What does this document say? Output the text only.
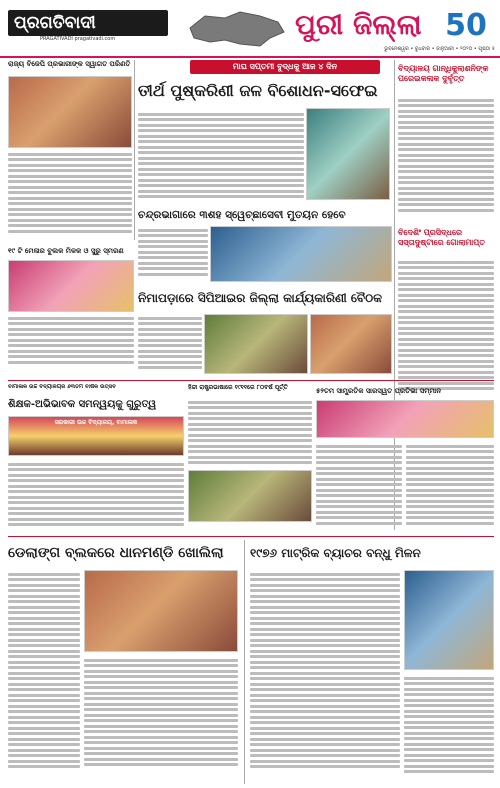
ପ୍ରଗତିବାଦୀ
PRAGATIVADI pragativadi.com	ପୁରୀ ଜିଲ୍ଲା 50
ଭୁବନେଶ୍ୱର • ବୁଧବାର • ଜାନୁଆରୀ • ୨୦୨୦ • ପୃଷ୍ଠା ୫
ରାଜ୍ୟ ବିଜେପି ପ୍ରଭାରୀଙ୍କ ସ୍ୱାଗତ ପରିଣତି	ମାଘ ସପ୍ତମୀ ବୁଦ୍ଧକୁ ଆଜ ୪ ଦିନ
ତୀର୍ଥ ପୁଷ୍କରିଣୀ ଜଳ ବିଶୋଧନ-ସଫେଇ
ବିଦ୍ୟାଳୟ ଗାନ୍ଧିକୁଲାଶନିଙ୍କ ପରେଇକଳାକ ଦୁର୍ବୃତ୍ତ
ବିଦେଶିଂ ପ୍ରସିଦ୍ଧରେ ସସ୍ତାଦୁଷ୍ଟାରେ ଗୋଲାମାପ୍ତ
ଚନ୍ଦ୍ରଭାଗାରେ ୩ଶହ ସ୍ୱେଚ୍ଛାସେବୀ ମୁତୟନ ହେବେ
୧୯ ଟି ମେଳାର ବୁଲକ ମିଳକ ଓ ସୁରୁ ସ୍ମରଣ
ନିମାପଡ଼ାରେ ସିପିଆଇର ଜିଲ୍ଲା କାର୍ଯ୍ୟକାରିଣୀ ବୈଠକ
ବାମାଳାକ ଉଚ୍ଚ ବିଦ୍ୟାଳୟର ୬୩ତମ ବାର୍ଷିକ ଉତ୍ସବ
ଶିକ୍ଷକ-ଅଭିଭାବକ ସମନ୍ୱୟକୁ ଗୁରୁତ୍ୱ
ସରକାରୀ ଉଚ୍ଚ ବିଦ୍ୟାଳୟ, ବାମାଳାକ
ହିନ୍ଦୀ ରାଷ୍ଟ୍ରଭାଷାରେ ୧୯୧୧ରେ ୮୦ବର୍ଷ ପୂର୍ତ୍ତି	୫୨ତମ ସାମ୍ପ୍ରତିକ ସାରସ୍ୱତ ପ୍ରତିଭା ସମ୍ମାନ
ଡେଲାଙ୍ଗ ବ୍ଲକରେ ଧାନମଣ୍ଡି ଖୋଲିଲା	୧୯୭୬ ମାଟ୍ରିକ ବ୍ୟାଚର ବନ୍ଧୁ ମିଳନ
